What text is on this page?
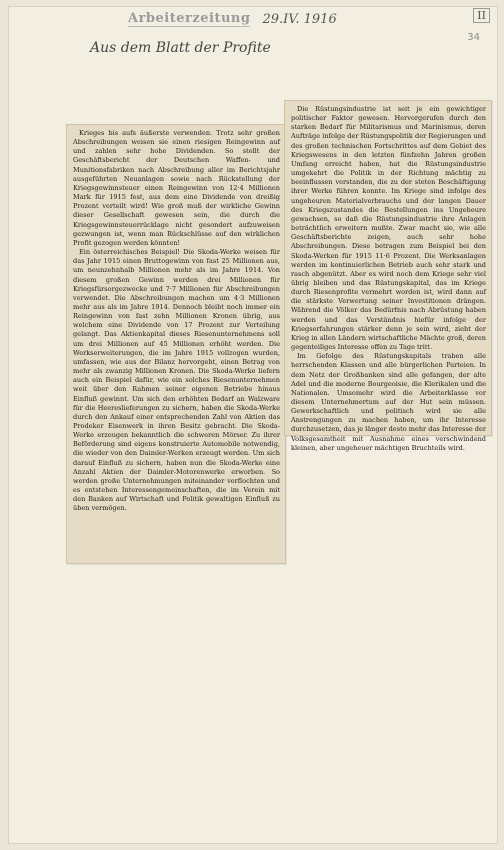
Arbeiterzeitung 29.IV. 1916	II
Aus dem Blatt der Profite
34

Krieges bis aufs äußerste verwenden. Trotz sehr großen Abschreibungen weisen sie einen riesigen Reingewinn auf und zahlen sehr hohe Dividenden. So stellt der Geschäftsbericht der Deutschen Waffen- und Munitionsfabriken nach Abschreibung aller im Berichtsjahr ausgeführten Neuanlagen sowie nach Rückstellung der Kriegsgewinnsteuer einen Reingewinn von 12·4 Millionen Mark für 1915 fest, aus dem eine Dividende von dreißig Prozent verteilt wird! Wie groß muß der wirkliche Gewinn dieser Gesellschaft gewesen sein, die durch die Kriegsgewinnsteuerrücklage nicht gesondert aufzuweisen gezwungen ist, wenn man Rückschlüsse auf den wirklichen Profit gezogen werden könnten!

Ein österreichisches Beispiel! Die Skoda-Werke weisen für das Jahr 1915 einen Bruttogewinn von fast 25 Millionen aus, um neunzehnhalb Millionen mehr als im Jahre 1914. Von diesem großen Gewinn werden drei Millionen für Kriegsfürsorgezwecke und 7·7 Millionen für Abschreibungen verwendet. Die Abschreibungen machen um 4·3 Millionen mehr aus als im Jahre 1914. Dennoch bleibt noch immer ein Reingewinn von fast zehn Millionen Kronen übrig, aus welchem eine Dividende von 17 Prozent zur Verteilung gelangt. Das Aktienkapital dieses Riesenunternehmens soll um drei Millionen auf 45 Millionen erhöht werden. Die Werkserweiterungen, die im Jahre 1915 vollzogen wurden, umfassen, wie aus der Bilanz hervorgeht, einen Betrag von mehr als zwanzig Millionen Kronen. Die Skoda-Werke liefern auch ein Beispiel dafür, wie ein solches Riesenunternehmen weit über den Rahmen seiner eigenen Betriebe hinaus Einfluß gewinnt. Um sich den erhöhten Bedarf an Walzware für die Heereslieferungen zu sichern, haben die Skoda-Werke durch den Ankauf einer entsprechenden Zahl von Aktien das Prodeker Eisenwerk in ihren Besitz gebracht. Die Skoda-Werke erzeugen bekanntlich die schweren Mörser. Zu ihrer Beförderung sind eigens konstruierte Automobile notwendig, die wieder von den Daimler-Werken erzeugt werden. Um sich darauf Einfluß zu sichern, haben nun die Skoda-Werke eine Anzahl Aktien der Daimler-Motorenwerke erworben. So werden große Unternehmungen miteinander verflochten und es entstehen Interessengemeinschaften, die im Verein mit den Banken auf Wirtschaft und Politik gewaltigen Einfluß zu üben vermögen.

Die Rüstungsindustrie ist seit je ein gewichtiger politischer Faktor gewesen. Hervorgerufen durch den starken Bedarf für Militarismus und Marinismus, deren Aufträge infolge der Rüstungspolitik der Regierungen und des großen technischen Fortschrittes auf dem Gebiet des Kriegswesens in den letzten fünfzehn Jahren großen Umfang erreicht haben, hat die Rüstungsindustrie umgekehrt die Politik in der Richtung mächtig zu beeinflussen verstanden, die zu der steten Beschäftigung ihrer Werke führen konnte. Im Kriege sind infolge des ungeheuren Materialverbrauchs und der langen Dauer des Kriegszustandes die Bestellungen ins Ungeheure gewachsen, so daß die Rüstungsindustrie ihre Anlagen beträchtlich erweitern mußte. Zwar macht sie, wie alle Geschäftsberichte zeigen, auch sehr hohe Abschreibungen. Diese betragen zum Beispiel bei den Skoda-Werken für 1915 11·6 Prozent. Die Werksanlagen werden im kontinuierlichen Betrieb auch sehr stark und rasch abgenützt. Aber es wird noch dem Kriege sehr viel übrig bleiben und das Rüstungskapital, das im Kriege durch Riesenprofite vermehrt worden ist, wird dann auf die stärkste Verwertung seiner Investitionen drängen. Während die Völker das Bedürfnis nach Abrüstung haben werden und das Verständnis hiefür infolge der Kriegserfahrungen stärker denn je sein wird, zieht der Krieg in allen Ländern wirtschaftliche Mächte groß, deren gegenteiliges Interesse offen zu Tage tritt.

Im Gefolge des Rüstungskapitals traben alle herrschenden Klassen und alle bürgerlichen Parteien. In dem Netz der Großbanken sind alle gefangen, der alte Adel und die moderne Bourgeoisie, die Klerikalen und die Nationalen. Umsomehr wird die Arbeiterklasse vor diesem Unternehmertum auf der Hut sein müssen. Gewerkschaftlich und politisch wird sie alle Anstrengungen zu machen haben, um ihr Interesse durchzusetzen, das je länger desto mehr das Interesse der Volksgesamtheit mit Ausnahme eines verschwindend kleinen, aber ungeheuer mächtigen Bruchteils wird.
